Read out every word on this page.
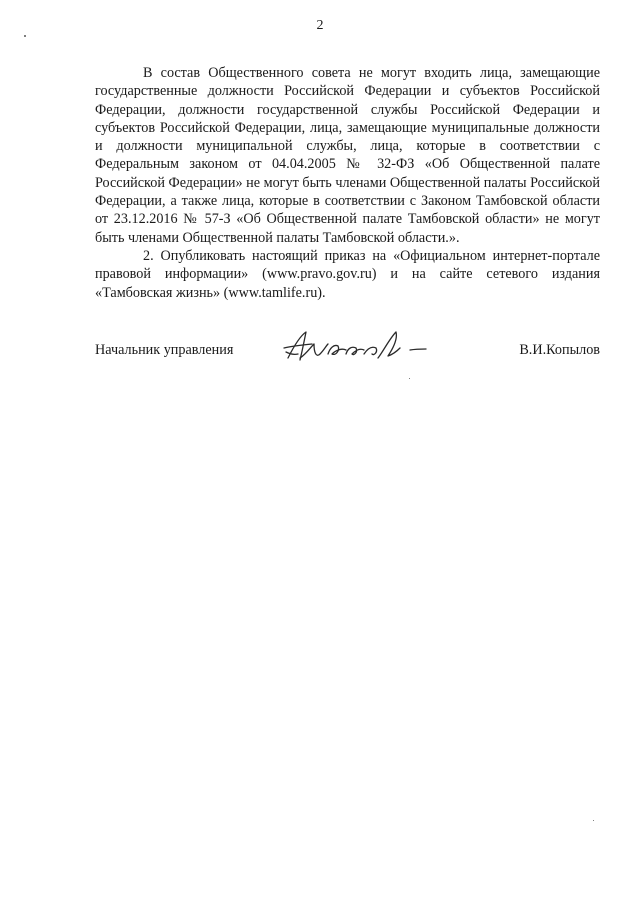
2

В состав Общественного совета не могут входить лица, замещающие государственные должности Российской Федерации и субъектов Российской Федерации, должности государственной службы Российской Федерации и субъектов Российской Федерации, лица, замещающие муниципальные должности и должности муниципальной службы, лица, которые в соответствии с Федеральным законом от 04.04.2005 № 32-ФЗ «Об Общественной палате Российской Федерации» не могут быть членами Общественной палаты Российской Федерации, а также лица, которые в соответствии с Законом Тамбовской области от 23.12.2016 № 57-З «Об Общественной палате Тамбовской области» не могут быть членами Общественной палаты Тамбовской области.».

2. Опубликовать настоящий приказ на «Официальном интернет-портале правовой информации» (www.pravo.gov.ru) и на сайте сетевого издания «Тамбовская жизнь» (www.tamlife.ru).

Начальник управления	В.И.Копылов
